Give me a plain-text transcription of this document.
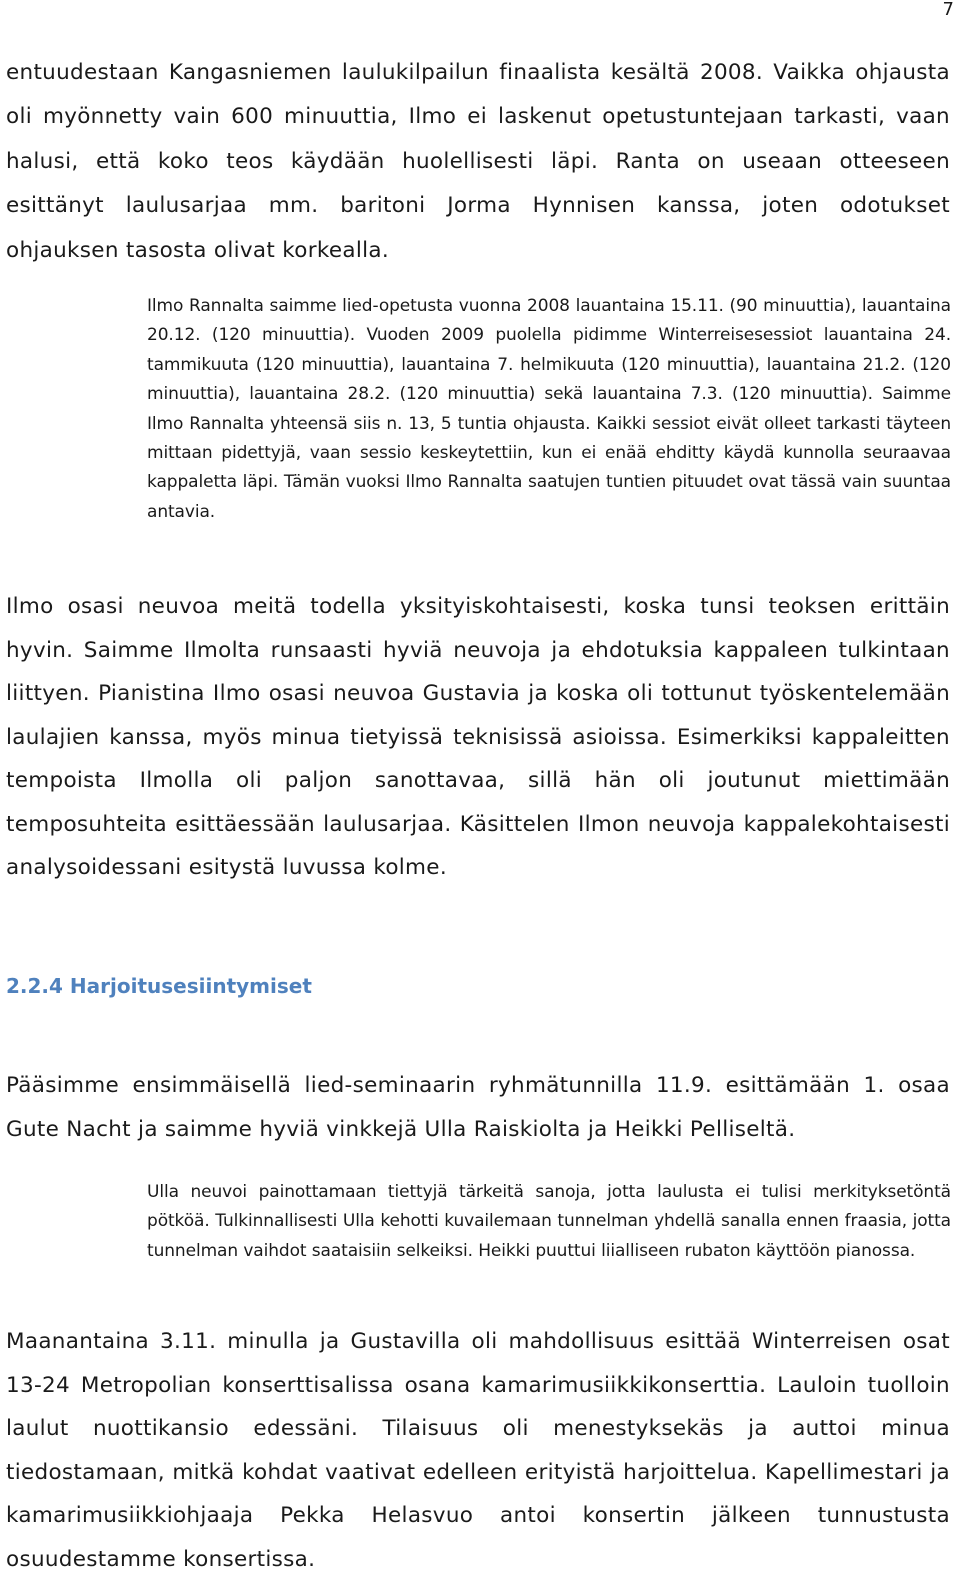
7

entuudestaan Kangasniemen laulukilpailun finaalista kesältä 2008. Vaikka ohjausta oli myönnetty vain 600 minuuttia, Ilmo ei laskenut opetustuntejaan tarkasti, vaan halusi, että koko teos käydään huolellisesti läpi. Ranta on useaan otteeseen esittänyt laulusarjaa mm. baritoni Jorma Hynnisen kanssa, joten odotukset ohjauksen tasosta olivat korkealla.

Ilmo Rannalta saimme lied-opetusta vuonna 2008 lauantaina 15.11. (90 minuuttia), lauantaina 20.12. (120 minuuttia). Vuoden 2009 puolella pidimme Winterreisesessiot lauantaina 24. tammikuuta (120 minuuttia), lauantaina 7. helmikuuta (120 minuuttia), lauantaina 21.2. (120 minuuttia), lauantaina 28.2. (120 minuuttia) sekä lauantaina 7.3. (120 minuuttia). Saimme Ilmo Rannalta yhteensä siis n. 13, 5 tuntia ohjausta. Kaikki sessiot eivät olleet tarkasti täyteen mittaan pidettyjä, vaan sessio keskeytettiin, kun ei enää ehditty käydä kunnolla seuraavaa kappaletta läpi. Tämän vuoksi Ilmo Rannalta saatujen tuntien pituudet ovat tässä vain suuntaa antavia.

Ilmo osasi neuvoa meitä todella yksityiskohtaisesti, koska tunsi teoksen erittäin hyvin. Saimme Ilmolta runsaasti hyviä neuvoja ja ehdotuksia kappaleen tulkintaan liittyen. Pianistina Ilmo osasi neuvoa Gustavia ja koska oli tottunut työskentelemään laulajien kanssa, myös minua tietyissä teknisissä asioissa. Esimerkiksi kappaleitten tempoista Ilmolla oli paljon sanottavaa, sillä hän oli joutunut miettimään temposuhteita esittäessään laulusarjaa. Käsittelen Ilmon neuvoja kappalekohtaisesti analysoidessani esitystä luvussa kolme.

2.2.4 Harjoitusesiintymiset

Pääsimme ensimmäisellä lied-seminaarin ryhmätunnilla 11.9. esittämään 1. osaa Gute Nacht ja saimme hyviä vinkkejä Ulla Raiskiolta ja Heikki Pelliseltä.

Ulla neuvoi painottamaan tiettyjä tärkeitä sanoja, jotta laulusta ei tulisi merkityksetöntä pötköä. Tulkinnallisesti Ulla kehotti kuvailemaan tunnelman yhdellä sanalla ennen fraasia, jotta tunnelman vaihdot saataisiin selkeiksi. Heikki puuttui liialliseen rubaton käyttöön pianossa.

Maanantaina 3.11. minulla ja Gustavilla oli mahdollisuus esittää Winterreisen osat 13-24 Metropolian konserttisalissa osana kamarimusiikkikonserttia. Lauloin tuolloin laulut nuottikansio edessäni. Tilaisuus oli menestyksekäs ja auttoi minua tiedostamaan, mitkä kohdat vaativat edelleen erityistä harjoittelua. Kapellimestari ja kamarimusiikkiohjaaja Pekka Helasvuo antoi konsertin jälkeen tunnustusta osuudestamme konsertissa.
